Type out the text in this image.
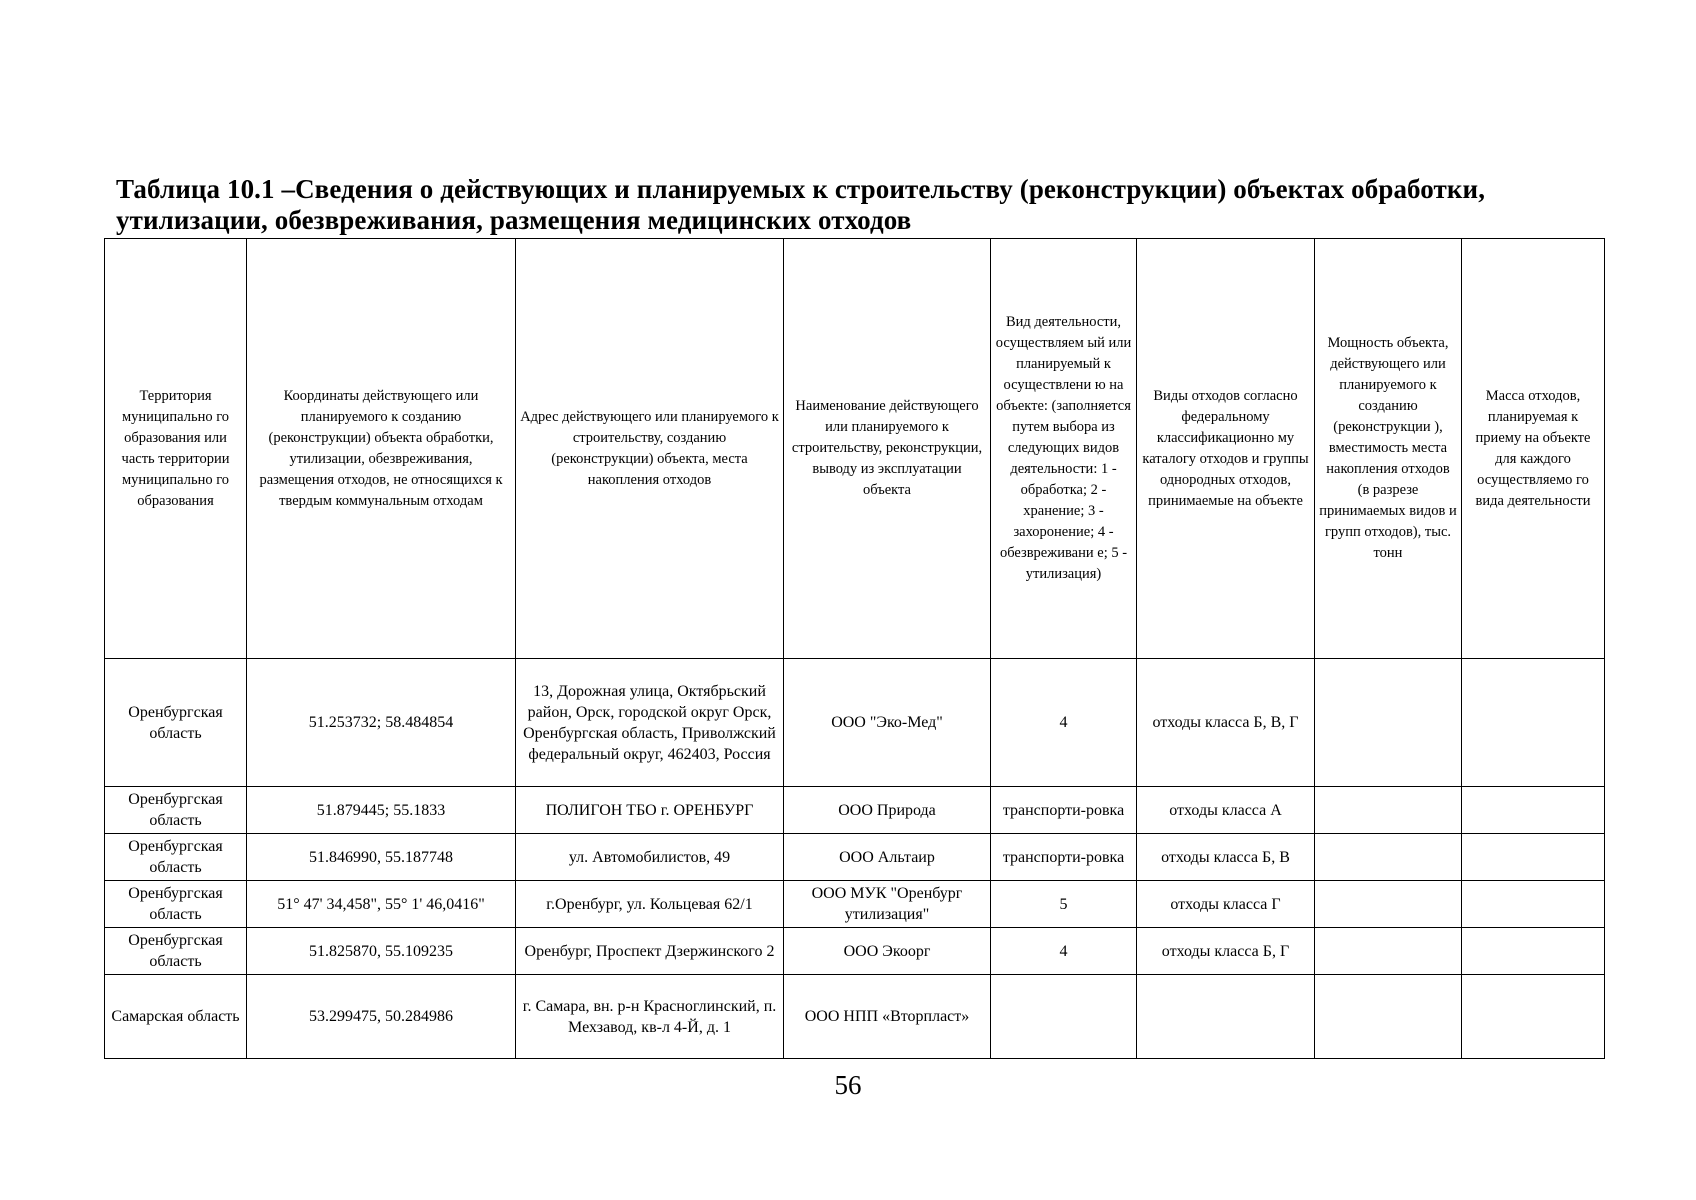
Таблица 10.1 –Сведения о действующих и планируемых к строительству (реконструкции) объектах обработки, утилизации, обезвреживания, размещения медицинских отходов
Территория муниципально го образования или часть территории муниципально го образования	Координаты действующего или планируемого к созданию (реконструкции) объекта обработки, утилизации, обезвреживания, размещения отходов, не относящихся к твердым коммунальным отходам	Адрес действующего или планируемого к строительству, созданию (реконструкции) объекта, места накопления отходов	Наименование действующего или планируемого к строительству, реконструкции, выводу из эксплуатации объекта	Вид деятельности, осуществляем ый или планируемый к осуществлени ю на объекте: (заполняется путем выбора из следующих видов деятельности: 1 - обработка; 2 - хранение; 3 - захоронение; 4 - обезвреживани е; 5 - утилизация)	Виды отходов согласно федеральному классификационно му каталогу отходов и группы однородных отходов, принимаемые на объекте	Мощность объекта, действующего или планируемого к созданию (реконструкции ), вместимость места накопления отходов (в разрезе принимаемых видов и групп отходов), тыс. тонн	Масса отходов, планируемая к приему на объекте для каждого осуществляемо го вида деятельности
Оренбургская область	51.253732; 58.484854	13, Дорожная улица, Октябрьский район, Орск, городской округ Орск, Оренбургская область, Приволжский федеральный округ, 462403, Россия	ООО "Эко-Мед"	4	отходы класса Б, В, Г		
Оренбургская область	51.879445; 55.1833	ПОЛИГОН ТБО г. ОРЕНБУРГ	ООО Природа	транспорти-ровка	отходы класса А		
Оренбургская область	51.846990, 55.187748	ул. Автомобилистов, 49	ООО Альтаир	транспорти-ровка	отходы класса Б, В		
Оренбургская область	51° 47' 34,458", 55° 1' 46,0416"	г.Оренбург, ул. Кольцевая 62/1	ООО МУК "Оренбург утилизация"	5	отходы класса Г		
Оренбургская область	51.825870, 55.109235	Оренбург, Проспект Дзержинского 2	ООО Экоорг	4	отходы класса Б, Г		
Самарская область	53.299475, 50.284986	г. Самара, вн. р-н Красноглинский, п. Мехзавод, кв-л 4-Й, д. 1	ООО НПП «Вторпласт»				
56
